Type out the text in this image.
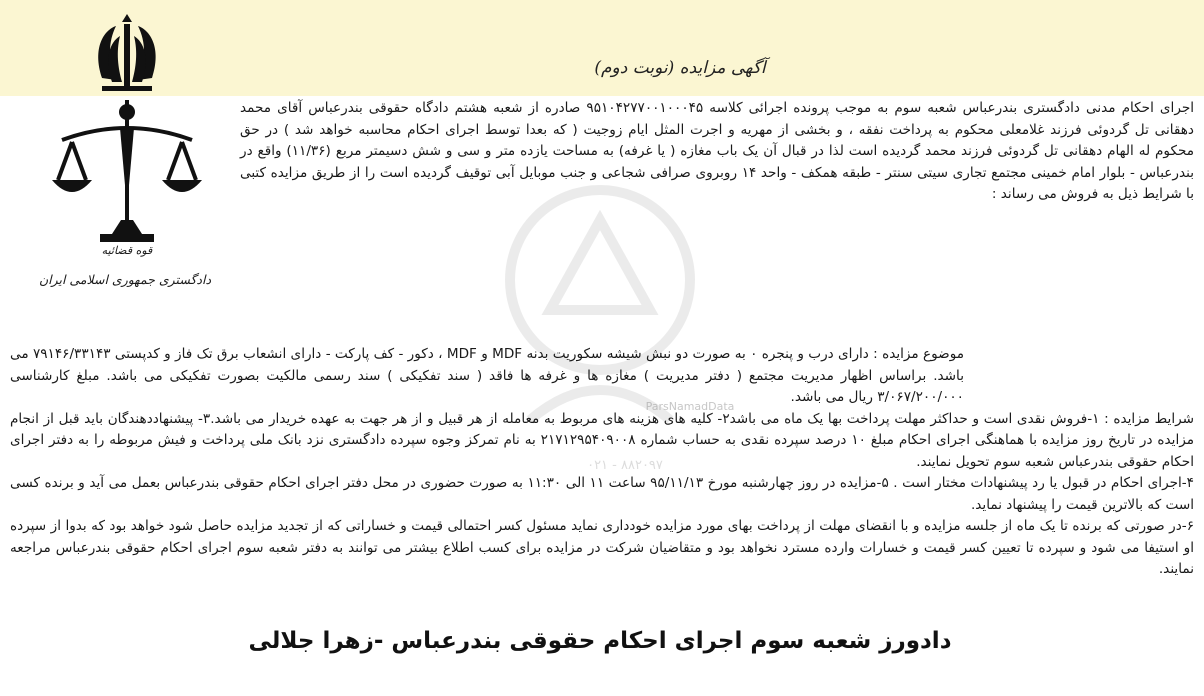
آگهی مزایده (نوبت دوم)
قوه قضائیه
دادگستری جمهوری اسلامی ایران
ParsNamadData
۰۲۱ - ۸۸۲۰۹۷

اجرای احکام مدنی دادگستری بندرعباس شعبه سوم به موجب پرونده اجرائی کلاسه ۹۵۱۰۴۲۷۷۰۰۱۰۰۰۴۵ صادره از شعبه هشتم دادگاه حقوقی بندرعباس آقای محمد دهقانی تل گردوئی فرزند غلامعلی محکوم به پرداخت نفقه ، و بخشی از مهریه و اجرت المثل ایام زوجیت ( که بعدا توسط اجرای احکام محاسبه خواهد شد ) در حق محکوم له الهام دهقانی تل گردوئی فرزند محمد گردیده است لذا در قبال آن یک باب مغازه ( یا غرفه) به مساحت یازده متر و سی و شش دسیمتر مربع (۱۱/۳۶) واقع در بندرعباس - بلوار امام خمینی مجتمع تجاری سیتی سنتر - طبقه همکف - واحد ۱۴ روبروی صرافی شجاعی و جنب موبایل آبی توقیف گردیده است را از طریق مزایده کتبی با شرایط ذیل به فروش می رساند :

موضوع مزایده : دارای درب و پنجره ۰ به صورت دو نبش شیشه سکوریت بدنه MDF و MDF ، دکور - کف پارکت - دارای انشعاب برق تک فاز و کدپستی ۷۹۱۴۶/۳۳۱۴۳ می باشد. براساس اظهار مدیریت مجتمع ( دفتر مدیریت ) مغازه ها و غرفه ها فاقد ( سند تفکیکی ) سند رسمی مالکیت بصورت تفکیکی می باشد. مبلغ کارشناسی ۳/۰۶۷/۲۰۰/۰۰۰ ریال می باشد.

شرایط مزایده : ۱-فروش نقدی است و حداکثر مهلت پرداخت بها یک ماه می باشد۲- کلیه های هزینه های مربوط به معامله از هر قبیل و از هر جهت به عهده خریدار می باشد.۳- پیشنهاددهندگان باید قبل از انجام مزایده در تاریخ روز مزایده با هماهنگی اجرای احکام مبلغ ۱۰ درصد سپرده نقدی به حساب شماره ۲۱۷۱۲۹۵۴۰۹۰۰۸ به نام تمرکز وجوه سپرده دادگستری نزد بانک ملی پرداخت و فیش مربوطه را به دفتر اجرای احکام حقوقی بندرعباس شعبه سوم تحویل نمایند.

۴-اجرای احکام در قبول یا رد پیشنهادات مختار است . ۵-مزایده در روز چهارشنبه مورخ ۹۵/۱۱/۱۳ ساعت ۱۱ الی ۱۱:۳۰ به صورت حضوری در محل دفتر اجرای احکام حقوقی بندرعباس بعمل می آید و برنده کسی است که بالاترین قیمت را پیشنهاد نماید.

۶-در صورتی که برنده تا یک ماه از جلسه مزایده و با انقضای مهلت از پرداخت بهای مورد مزایده خودداری نماید مسئول کسر احتمالی قیمت و خساراتی که از تجدید مزایده حاصل شود خواهد بود که بدوا از سپرده او استیفا می شود و سپرده تا تعیین کسر قیمت و خسارات وارده مسترد نخواهد بود و متقاضیان شرکت در مزایده برای کسب اطلاع بیشتر می توانند به دفتر شعبه سوم اجرای احکام حقوقی بندرعباس مراجعه نمایند.

دادورز شعبه سوم اجرای احکام حقوقی بندرعباس -زهرا جلالی
